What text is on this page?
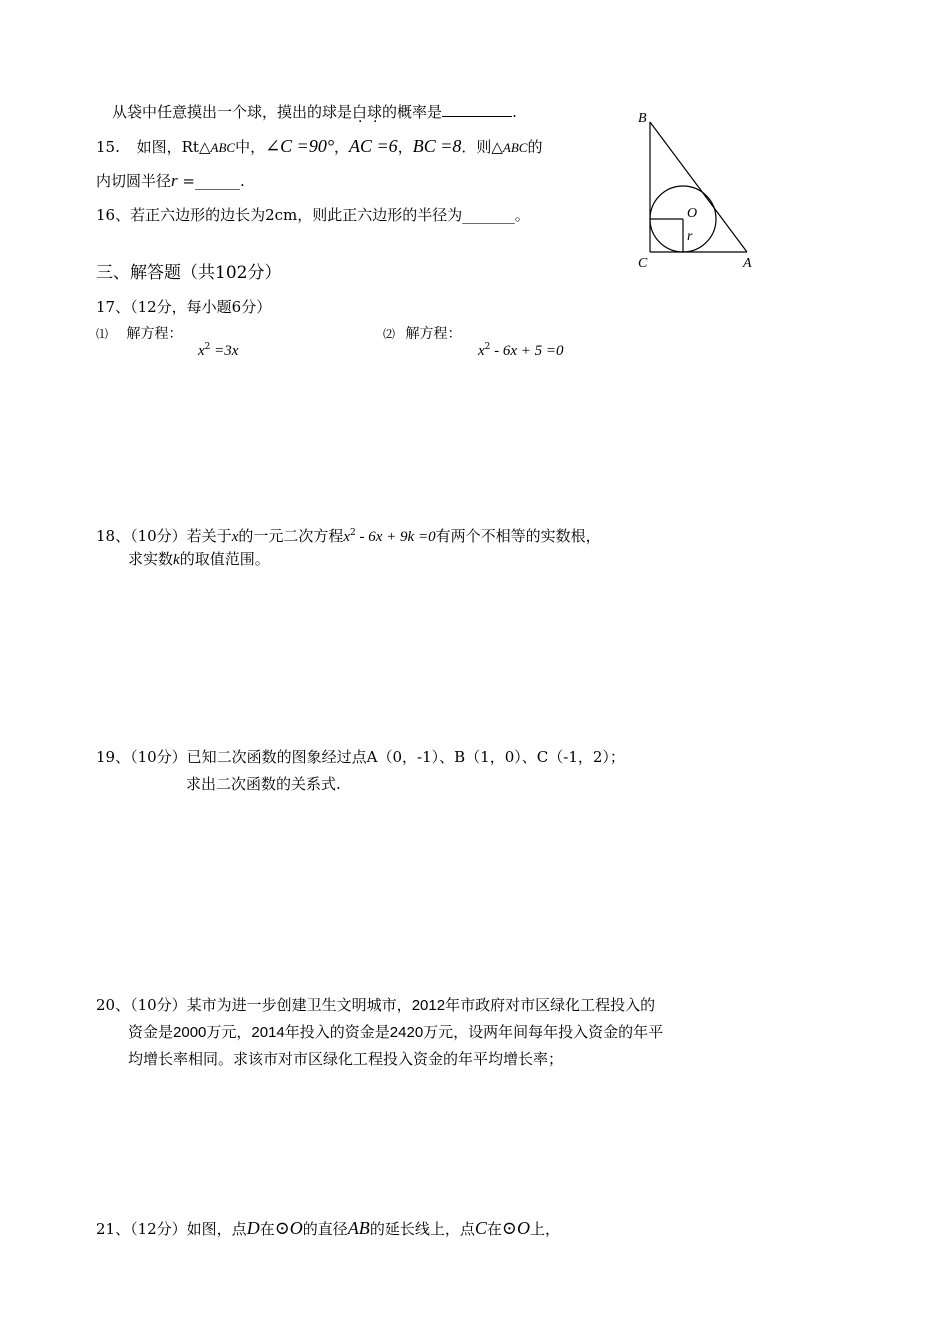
从袋中任意摸出一个球，摸出的球是白球的概率是	.
15. 如图，Rt△ABC中，∠C =90°，AC =6，BC =8．则△ABC的
内切圆半径r =______.
16、若正六边形的边长为2cm，则此正六边形的半径为_______。
B
C	A
O
r
三、解答题（共102分）
17、（12分，每小题6分）
⑴ 解方程：
$x^2 =3x$
⑵ 解方程：
$x^2 - 6x + 5 =0$
18、（10分）若关于x的一元二次方程$x^2 - 6x + 9k =0$有两个不相等的实数根，
求实数k的取值范围。
19、（10分）已知二次函数的图象经过点A（0，-1）、B（1，0）、C（-1，2）；
求出二次函数的关系式.
20、（10分）某市为进一步创建卫生文明城市，2012年市政府对市区绿化工程投入的
资金是2000万元，2014年投入的资金是2420万元，设两年间每年投入资金的年平
均增长率相同。求该市对市区绿化工程投入资金的年平均增长率；
21、（12分）如图，点D在⊙O的直径AB的延长线上，点C在⊙O上，
